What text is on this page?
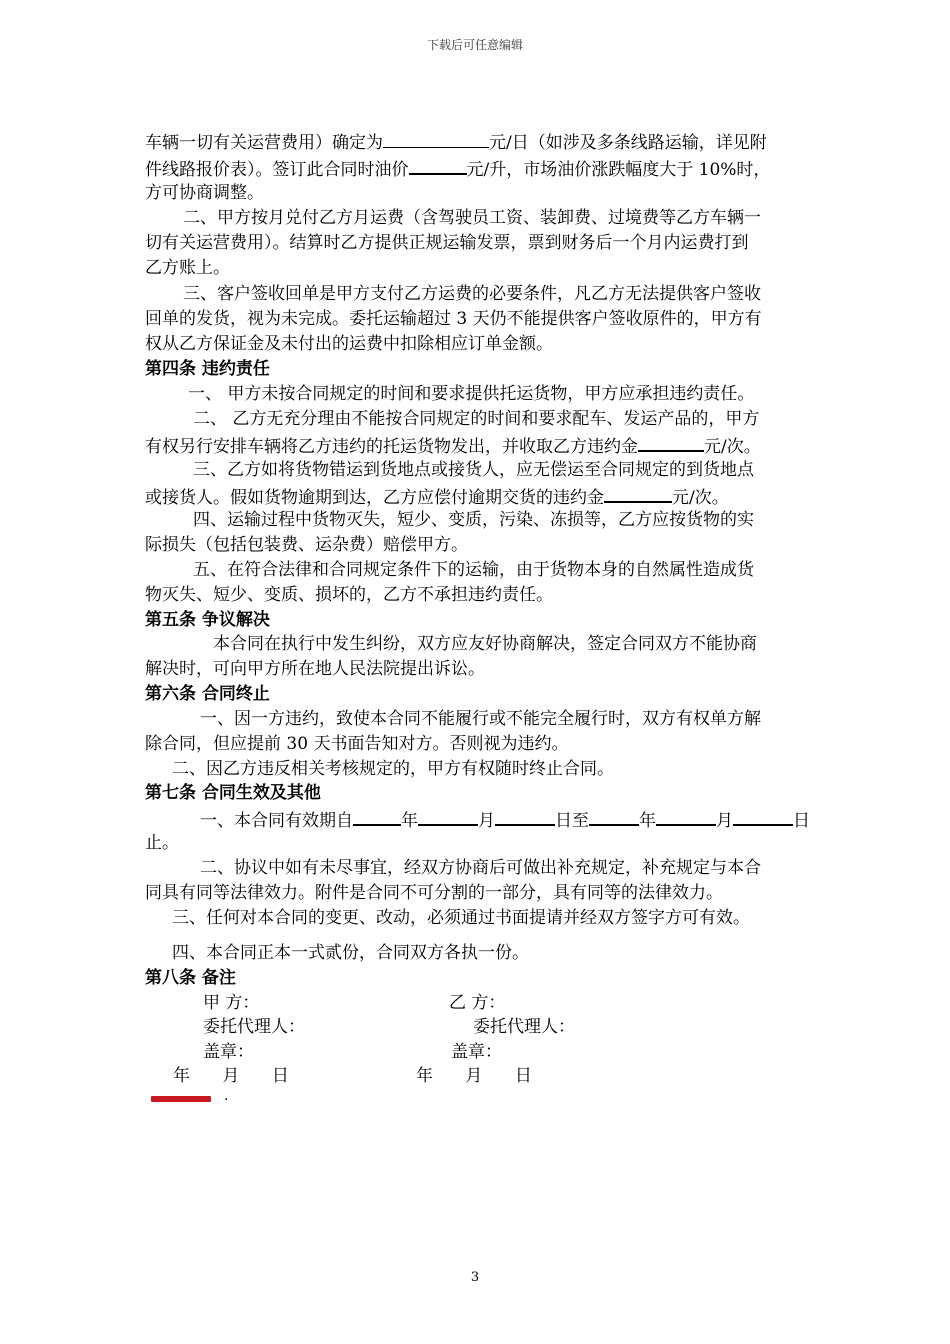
下载后可任意编辑
车辆一切有关运营费用）确定为	元/日（如涉及多条线路运输，详见附
件线路报价表）。签订此合同时油价	元/升，市场油价涨跌幅度大于 10%时，
方可协商调整。
二、甲方按月兑付乙方月运费（含驾驶员工资、装卸费、过境费等乙方车辆一
切有关运营费用）。结算时乙方提供正规运输发票，票到财务后一个月内运费打到
乙方账上。
三、客户签收回单是甲方支付乙方运费的必要条件，凡乙方无法提供客户签收
回单的发货，视为未完成。委托运输超过 3 天仍不能提供客户签收原件的，甲方有
权从乙方保证金及未付出的运费中扣除相应订单金额。
第四条 违约责任
一、 甲方未按合同规定的时间和要求提供托运货物，甲方应承担违约责任。
二、 乙方无充分理由不能按合同规定的时间和要求配车、发运产品的，甲方
有权另行安排车辆将乙方违约的托运货物发出，并收取乙方违约金	元/次。
三、乙方如将货物错运到货地点或接货人，应无偿运至合同规定的到货地点
或接货人。假如货物逾期到达，乙方应偿付逾期交货的违约金	元/次。
四、运输过程中货物灭失，短少、变质，污染、冻损等，乙方应按货物的实
际损失（包括包装费、运杂费）赔偿甲方。
五、在符合法律和合同规定条件下的运输，由于货物本身的自然属性造成货
物灭失、短少、变质、损坏的，乙方不承担违约责任。
第五条 争议解决
本合同在执行中发生纠纷，双方应友好协商解决，签定合同双方不能协商
解决时，可向甲方所在地人民法院提出诉讼。
第六条 合同终止
一、因一方违约，致使本合同不能履行或不能完全履行时，双方有权单方解
除合同，但应提前 30 天书面告知对方。否则视为违约。
二、因乙方违反相关考核规定的，甲方有权随时终止合同。
第七条 合同生效及其他
一、本合同有效期自	年	月	日至	年	月	日
止。
二、协议中如有未尽事宜，经双方协商后可做出补充规定，补充规定与本合
同具有同等法律效力。附件是合同不可分割的一部分，具有同等的法律效力。
三、任何对本合同的变更、改动，必须通过书面提请并经双方签字方可有效。
四、本合同正本一式贰份，合同双方各执一份。
第八条 备注
甲 方：	乙 方：
委托代理人：	委托代理人：
盖章：	盖章：
年      月      日	年      月      日
.
3
